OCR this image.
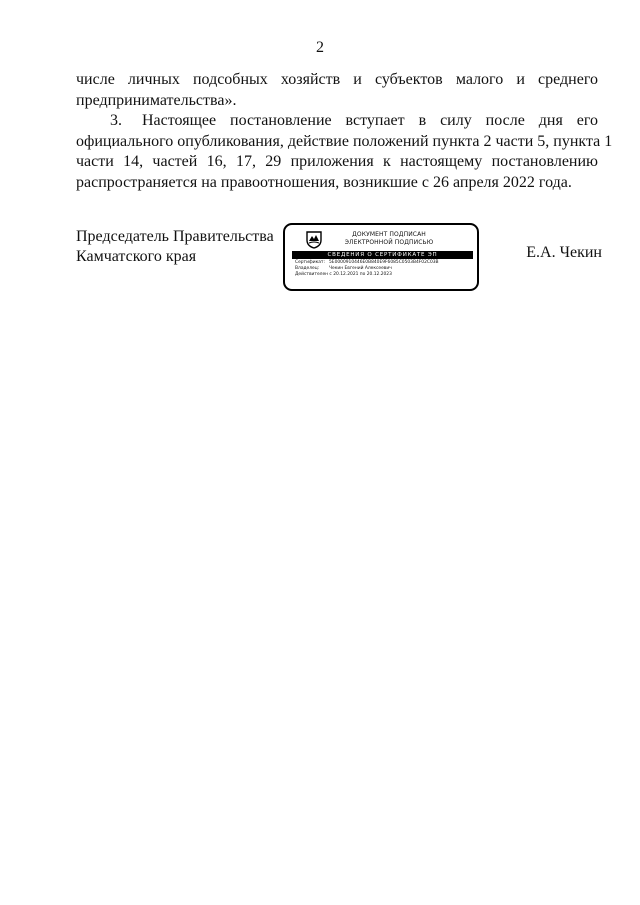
2
числе личных подсобных хозяйств и субъектов малого и среднего
предпринимательства».
3. Настоящее постановление вступает в силу после дня его
официального опубликования, действие положений пункта 2 части 5, пункта 1
части 14, частей 16, 17, 29 приложения к настоящему постановлению
распространяется на правоотношения, возникшие с 26 апреля 2022 года.
Председатель Правительства
Камчатского края	Е.А. Чекин
ДОКУМЕНТ ПОДПИСАН
ЭЛЕКТРОННОЙ ПОДПИСЬЮ
СВЕДЕНИЯ О СЕРТИФИКАТЕ ЭП
Сертификат: 5E0000910446E0B840E9F6085C0503B4F02C03B
Владелец: Чекин Евгений Алексеевич
Действителен с 20.12.2021 по 20.12.2023
